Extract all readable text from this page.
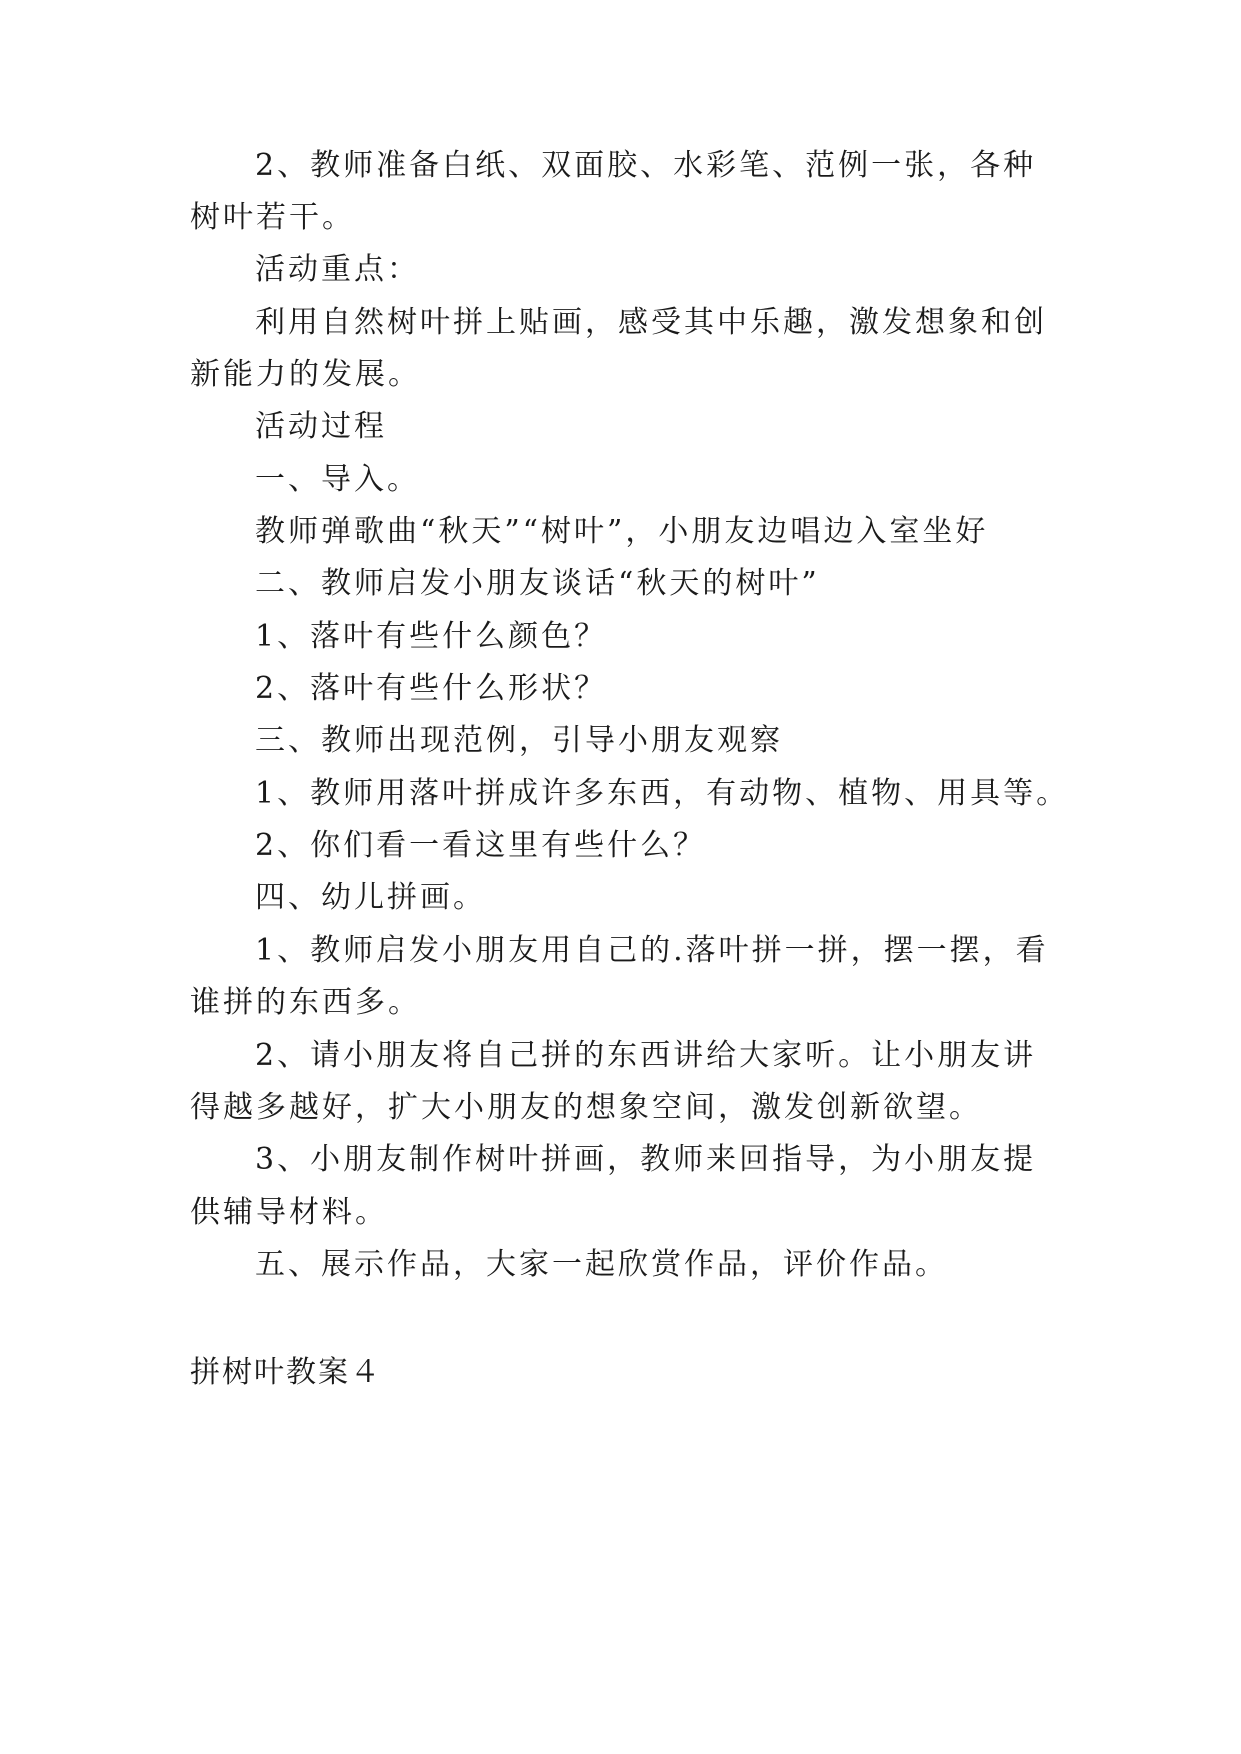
2、教师准备白纸、双面胶、水彩笔、范例一张，各种
树叶若干。
活动重点：
利用自然树叶拼上贴画，感受其中乐趣，激发想象和创
新能力的发展。
活动过程
一、导入。
教师弹歌曲“秋天”“树叶”，小朋友边唱边入室坐好
二、教师启发小朋友谈话“秋天的树叶”
1、落叶有些什么颜色？
2、落叶有些什么形状？
三、教师出现范例，引导小朋友观察
1、教师用落叶拼成许多东西，有动物、植物、用具等。
2、你们看一看这里有些什么？
四、幼儿拼画。
1、教师启发小朋友用自己的.落叶拼一拼，摆一摆，看
谁拼的东西多。
2、请小朋友将自己拼的东西讲给大家听。让小朋友讲
得越多越好，扩大小朋友的想象空间，激发创新欲望。
3、小朋友制作树叶拼画，教师来回指导，为小朋友提
供辅导材料。
五、展示作品，大家一起欣赏作品，评价作品。
拼树叶教案４
